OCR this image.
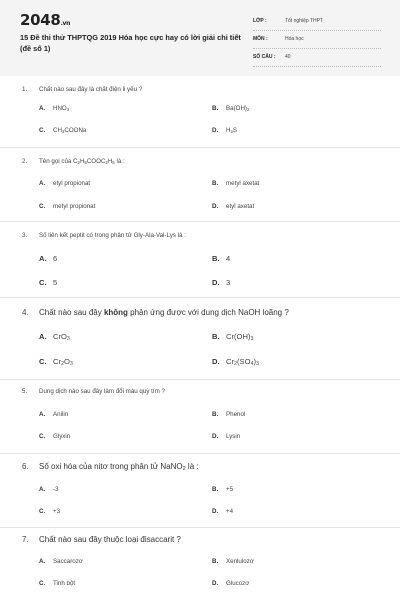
2048.vn
15 Đề thi thử THPTQG 2019 Hóa học cực hay có lời giải chi tiết (đề số 1)
LỚP :	Tốt nghiệp THPT
MÔN :	Hóa học
SỐ CÂU : 40
1. Chất nào sau đây là chất điện li yếu ?
A. $HNO_3$	B. $Ba(OH)_2$
C. $CH_3COONa$	D. $H_2S$
2. Tên gọi của $C_2H_5COOC_2H_5$ là :
A. etyl propionat	B. metyl axetat
C. metyl propionat	D. etyl axetat
3. Số liên kết peptit có trong phân tử Gly-Ala-Val-Lys là :
A. 6	B. 4
C. 5	D. 3
4. Chất nào sau đây không phản ứng được với dung dịch NaOH loãng ?
A. CrO$_3$	B. $Cr(OH)_3$
C. $Cr_2O_3$	D. $Cr_2(SO_4)_3$
5. Dung dịch nào sau đây làm đổi màu quỳ tím ?
A. Anilin	B. Phenol
C. Glyxin	D. Lysin
6. Số oxi hóa của nitơ trong phân tử NaNO$_2$ là :
A. -3	B. +5
C. +3	D. +4
7. Chất nào sau đây thuộc loại đisaccarit ?
A. Saccarozơ	B. Xenlulozơ
C. Tinh bột	D. Glucozơ
